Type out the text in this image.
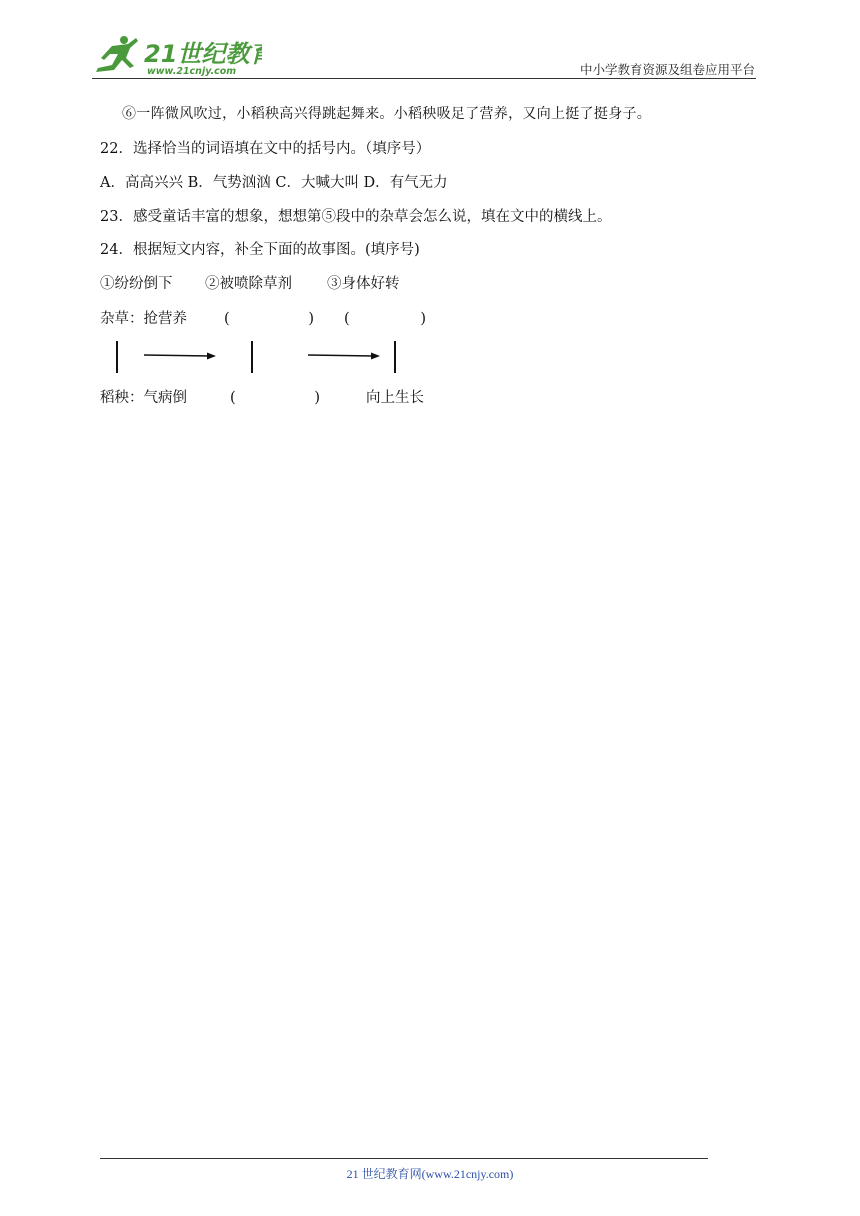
21世纪教育
www.21cnjy.com	中小学教育资源及组卷应用平台
⑥一阵微风吹过，小稻秧高兴得跳起舞来。小稻秧吸足了营养，又向上挺了挺身子。
22．选择恰当的词语填在文中的括号内。（填序号）
A．高高兴兴 B．气势汹汹 C．大喊大叫 D．有气无力
23．感受童话丰富的想象，想想第⑤段中的杂草会怎么说，填在文中的横线上。
24．根据短文内容，补全下面的故事图。(填序号)
①纷纷倒下 ②被喷除草剂 ③身体好转
杂草：抢营养	(	) (	)
稻秧：气病倒	(	)	向上生长
21 世纪教育网(www.21cnjy.com)
